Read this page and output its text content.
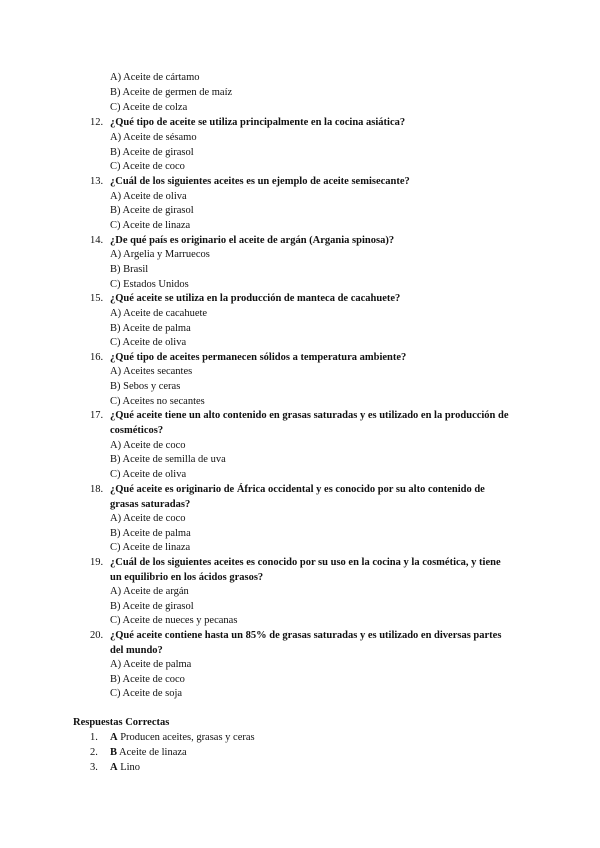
A) Aceite de cártamo
B) Aceite de germen de maíz
C) Aceite de colza
12. ¿Qué tipo de aceite se utiliza principalmente en la cocina asiática?
A) Aceite de sésamo
B) Aceite de girasol
C) Aceite de coco
13. ¿Cuál de los siguientes aceites es un ejemplo de aceite semisecante?
A) Aceite de oliva
B) Aceite de girasol
C) Aceite de linaza
14. ¿De qué país es originario el aceite de argán (Argania spinosa)?
A) Argelia y Marruecos
B) Brasil
C) Estados Unidos
15. ¿Qué aceite se utiliza en la producción de manteca de cacahuete?
A) Aceite de cacahuete
B) Aceite de palma
C) Aceite de oliva
16. ¿Qué tipo de aceites permanecen sólidos a temperatura ambiente?
A) Aceites secantes
B) Sebos y ceras
C) Aceites no secantes
17. ¿Qué aceite tiene un alto contenido en grasas saturadas y es utilizado en la producción de cosméticos?
A) Aceite de coco
B) Aceite de semilla de uva
C) Aceite de oliva
18. ¿Qué aceite es originario de África occidental y es conocido por su alto contenido de grasas saturadas?
A) Aceite de coco
B) Aceite de palma
C) Aceite de linaza
19. ¿Cuál de los siguientes aceites es conocido por su uso en la cocina y la cosmética, y tiene un equilibrio en los ácidos grasos?
A) Aceite de argán
B) Aceite de girasol
C) Aceite de nueces y pecanas
20. ¿Qué aceite contiene hasta un 85% de grasas saturadas y es utilizado en diversas partes del mundo?
A) Aceite de palma
B) Aceite de coco
C) Aceite de soja
Respuestas Correctas
1. A Producen aceites, grasas y ceras
2. B Aceite de linaza
3. A Lino
